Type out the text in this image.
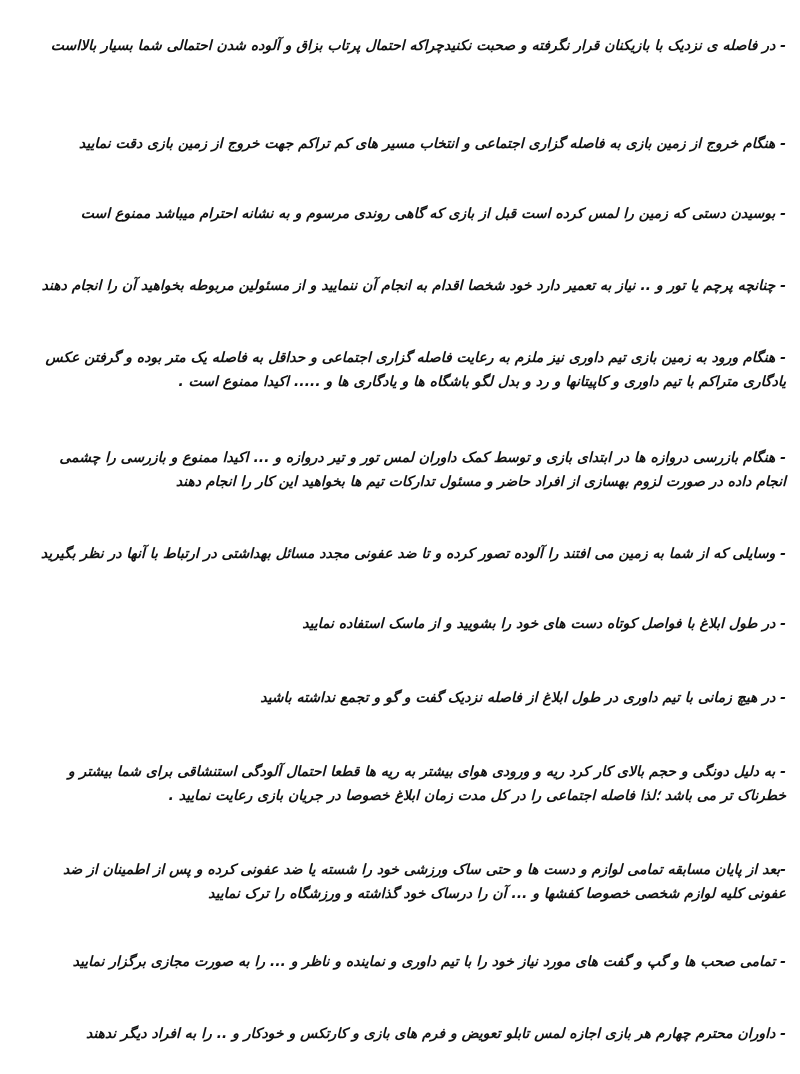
- در فاصله ی نزدیک با بازیکنان قرار نگرفته و صحبت نکنیدچراکه احتمال پرتاب بزاق و آلوده شدن احتمالی شما بسیار بالااست

- هنگام خروج از زمین بازی به فاصله گزاری اجتماعی و انتخاب مسیر های کم تراکم جهت خروج از زمین بازی دقت نمایید

- بوسیدن دستی که زمین را لمس کرده است قبل از بازی که گاهی روندی مرسوم و به نشانه احترام میباشد ممنوع است

- چنانچه پرچم یا تور و .. نیاز به تعمیر دارد خود شخصا اقدام به انجام آن ننمایید و از مسئولین مربوطه بخواهید آن را انجام دهند

- هنگام ورود به زمین بازی تیم داوری نیز ملزم به رعایت فاصله گزاری اجتماعی و حداقل به فاصله یک متر بوده و گرفتن عکس یادگاری متراکم با تیم داوری و کاپیتانها و رد و بدل لگو باشگاه ها و یادگاری ها و ..... اکیدا ممنوع است .

- هنگام بازرسی دروازه ها در ابتدای بازی و توسط کمک داوران لمس تور و تیر دروازه و ... اکیدا ممنوع و بازرسی را چشمی انجام داده در صورت لزوم بهسازی از افراد حاضر و مسئول تدارکات تیم ها بخواهید این کار را انجام دهند

- وسایلی که از شما به زمین می افتند را آلوده تصور کرده و تا ضد عفونی مجدد مسائل بهداشتی در ارتباط با آنها در نظر بگیرید

- در طول ابلاغ با فواصل کوتاه دست های خود را بشویید و از ماسک استفاده نمایید

- در هیچ زمانی با تیم داوری در طول ابلاغ از فاصله نزدیک گفت و گو و تجمع نداشته باشید

- به دلیل دونگی و حجم بالای کار کرد ریه و ورودی هوای بیشتر به ریه ها قطعا احتمال آلودگی استنشاقی برای شما بیشتر و خطرناک تر می باشد ؛لذا فاصله اجتماعی را در کل مدت زمان ابلاغ خصوصا در جریان بازی رعایت نمایید .

-بعد از پایان مسابقه تمامی لوازم و دست ها و حتی ساک ورزشی خود را شسته یا ضد عفونی کرده و پس از اطمینان از ضد عفونی کلیه لوازم شخصی خصوصا کفشها و ... آن را درساک خود گذاشته و ورزشگاه را ترک نمایید

- تمامی صحب ها و گپ و گفت های مورد نیاز خود را با تیم داوری و نماینده و ناظر و ... را به صورت مجازی برگزار نمایید

- داوران محترم چهارم هر بازی اجازه لمس تابلو تعویض و فرم های بازی و کارتکس و خودکار و .. را به افراد دیگر ندهند
